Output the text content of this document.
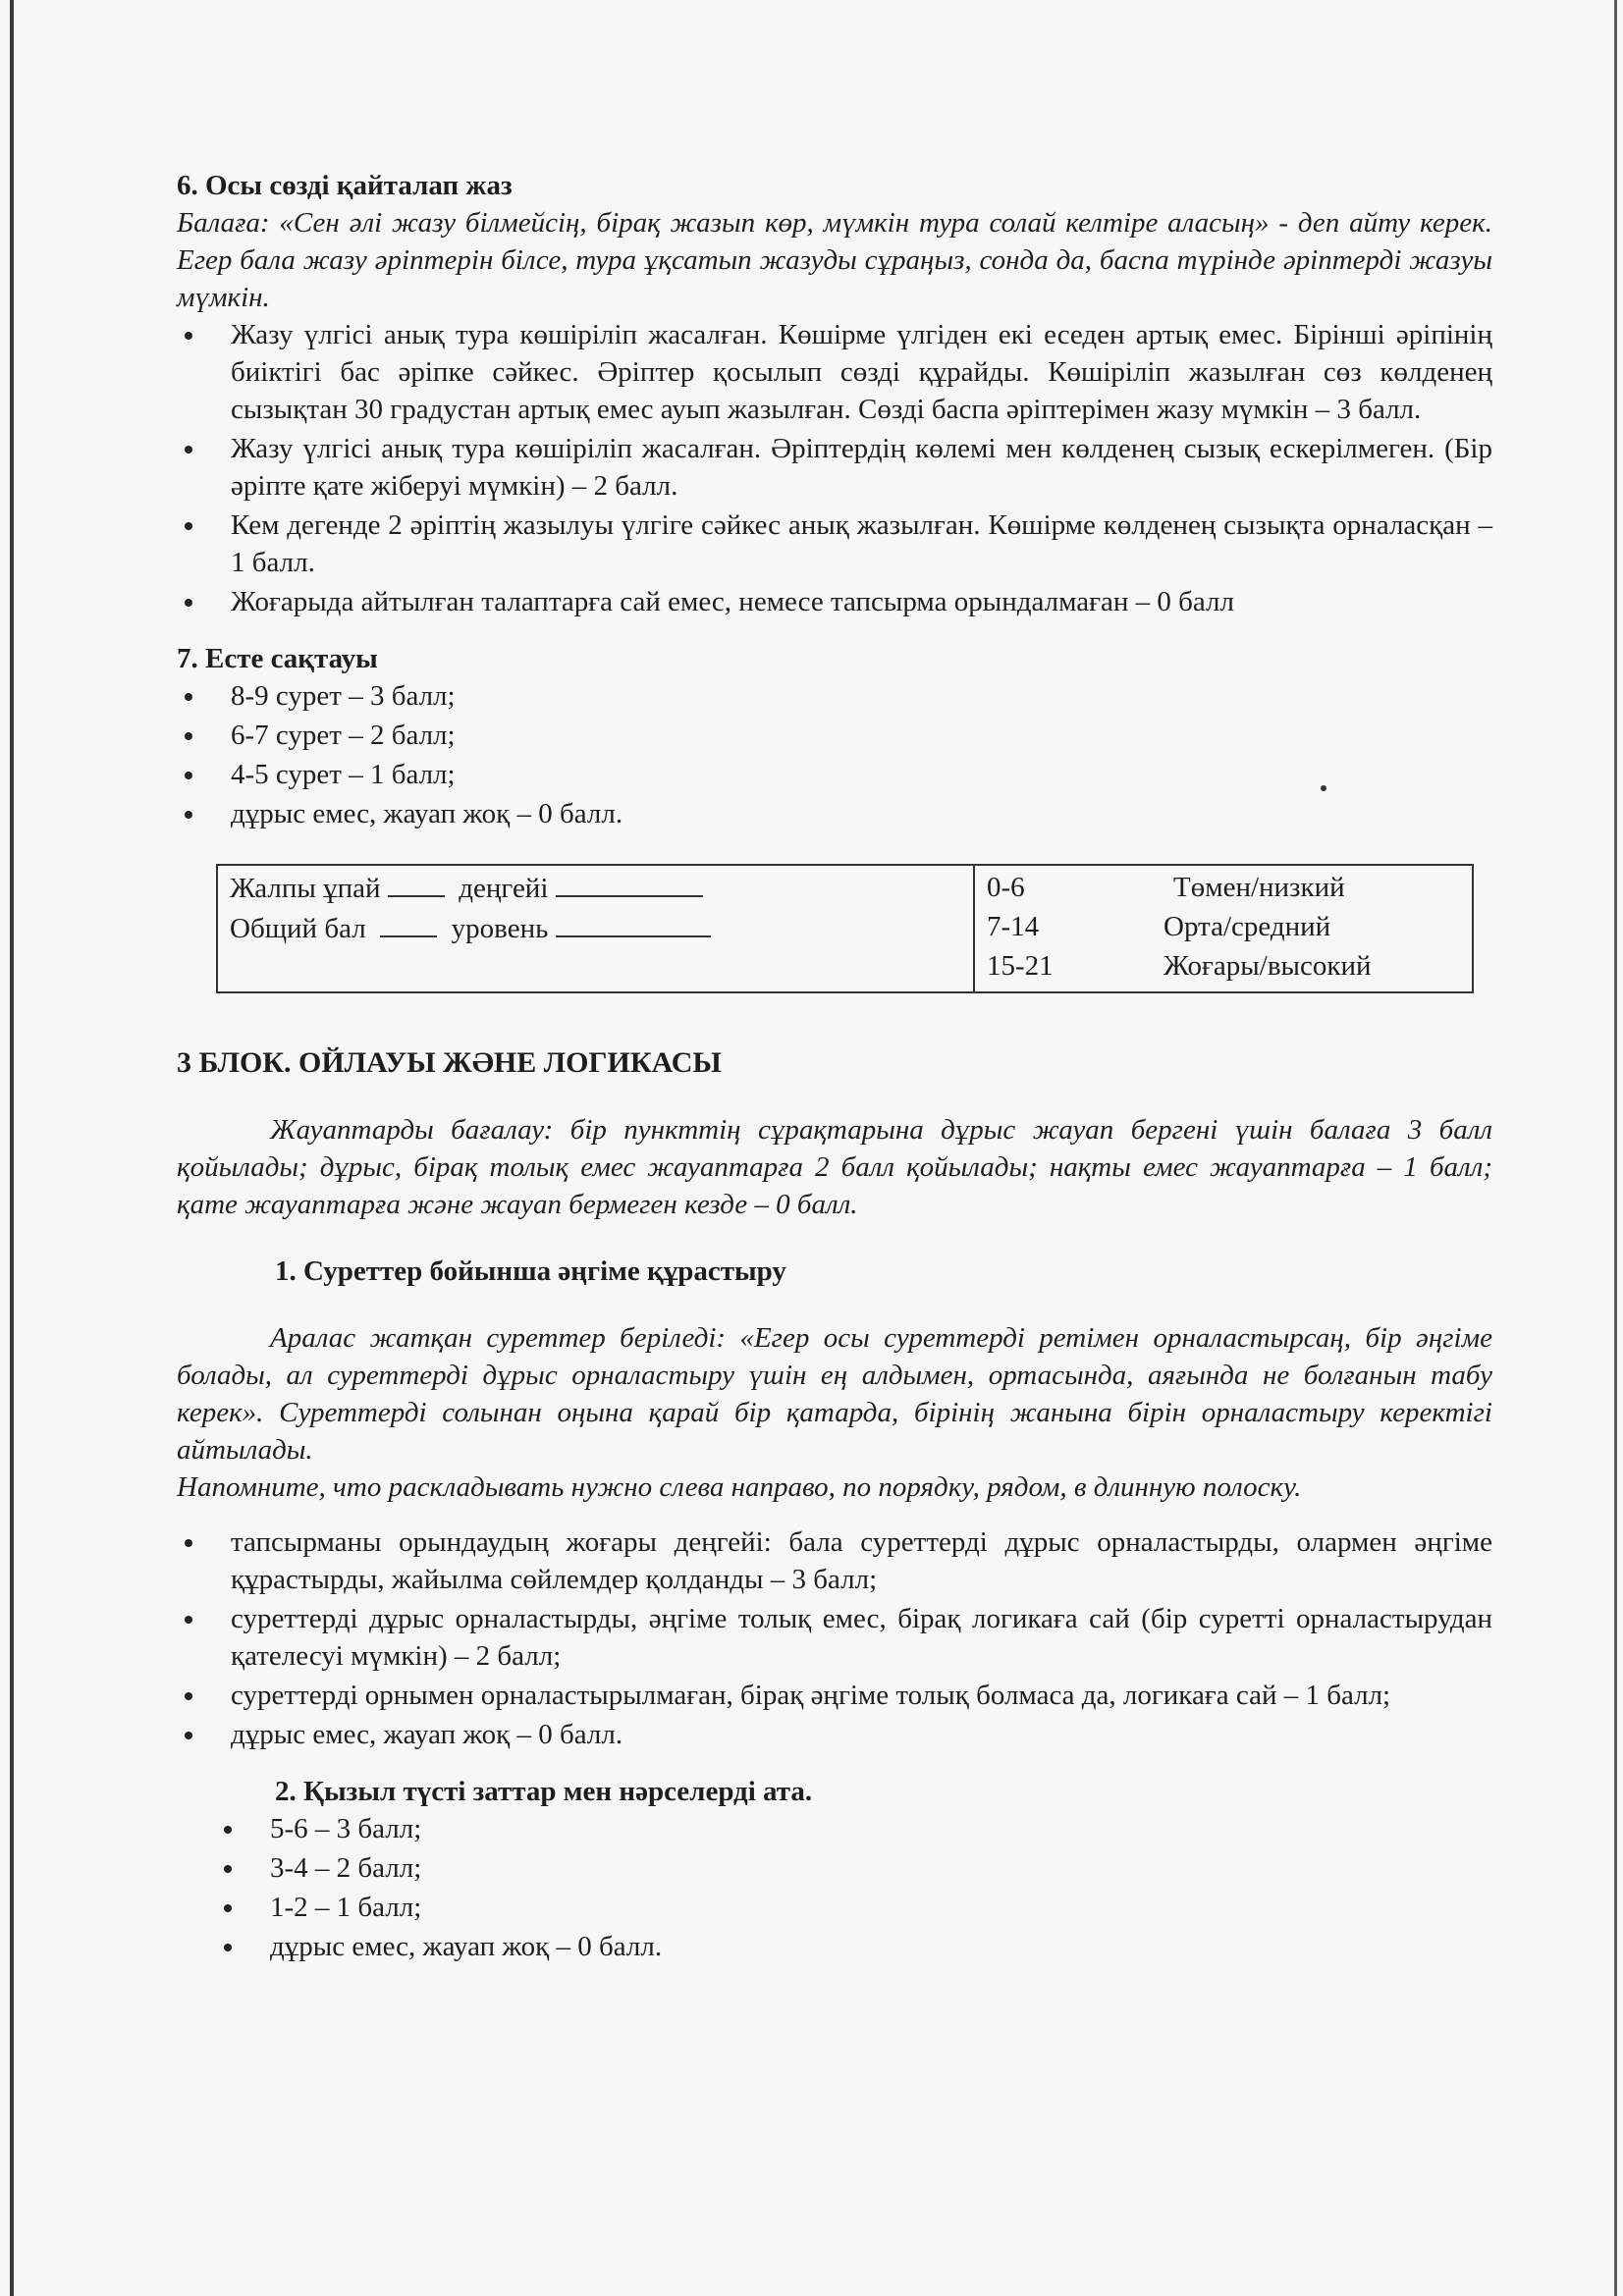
6. Осы сөзді қайталап жаз

Балаға: «Сен әлі жазу білмейсің, бірақ жазып көр, мүмкін тура солай келтіре аласың» - деп айту керек. Егер бала жазу әріптерін білсе, тура ұқсатып жазуды сұраңыз, сонда да, баспа түрінде әріптерді жазуы мүмкін.

Жазу үлгісі анық тура көшіріліп жасалған. Көшірме үлгіден екі еседен артық емес. Бірінші әріпінің биіктігі бас әріпке сәйкес. Әріптер қосылып сөзді құрайды. Көшіріліп жазылған сөз көлденең сызықтан 30 градустан артық емес ауып жазылған. Сөзді баспа әріптерімен жазу мүмкін – 3 балл.
Жазу үлгісі анық тура көшіріліп жасалған. Әріптердің көлемі мен көлденең сызық ескерілмеген. (Бір әріпте қате жіберуі мүмкін) – 2 балл.
Кем дегенде 2 әріптің жазылуы үлгіге сәйкес анық жазылған. Көшірме көлденең сызықта орналасқан – 1 балл.
Жоғарыда айтылған талаптарға сай емес, немесе тапсырма орындалмаған – 0 балл

7. Есте сақтауы

8-9 сурет – 3 балл;
6-7 сурет – 2 балл;
4-5 сурет – 1 балл;
дұрыс емес, жауап жоқ – 0 балл.
Жалпы ұпай	деңгейі
Общий бал	уровень

0-6	Төмен/низкий
7-14	Орта/средний
15-21	Жоғары/высокий

3 БЛОК. ОЙЛАУЫ ЖӘНЕ ЛОГИКАСЫ

Жауаптарды бағалау: бір пункттің сұрақтарына дұрыс жауап бергені үшін балаға 3 балл қойылады; дұрыс, бірақ толық емес жауаптарға 2 балл қойылады; нақты емес жауаптарға – 1 балл; қате жауаптарға және жауап бермеген кезде – 0 балл.

1. Суреттер бойынша әңгіме құрастыру

Аралас жатқан суреттер беріледі: «Егер осы суреттерді ретімен орналастырсаң, бір әңгіме болады, ал суреттерді дұрыс орналастыру үшін ең алдымен, ортасында, аяғында не болғанын табу керек». Суреттерді солынан оңына қарай бір қатарда, бірінің жанына бірін орналастыру керектігі айтылады.

Напомните, что раскладывать нужно слева направо, по порядку, рядом, в длинную полоску.

тапсырманы орындаудың жоғары деңгейі: бала суреттерді дұрыс орналастырды, олармен әңгіме құрастырды, жайылма сөйлемдер қолданды – 3 балл;
суреттерді дұрыс орналастырды, әңгіме толық емес, бірақ логикаға сай (бір суретті орналастырудан қателесуі мүмкін) – 2 балл;
суреттерді орнымен орналастырылмаған, бірақ әңгіме толық болмаса да, логикаға сай – 1 балл;
дұрыс емес, жауап жоқ – 0 балл.

2. Қызыл түсті заттар мен нәрселерді ата.

5-6 – 3 балл;
3-4 – 2 балл;
1-2 – 1 балл;
дұрыс емес, жауап жоқ – 0 балл.
